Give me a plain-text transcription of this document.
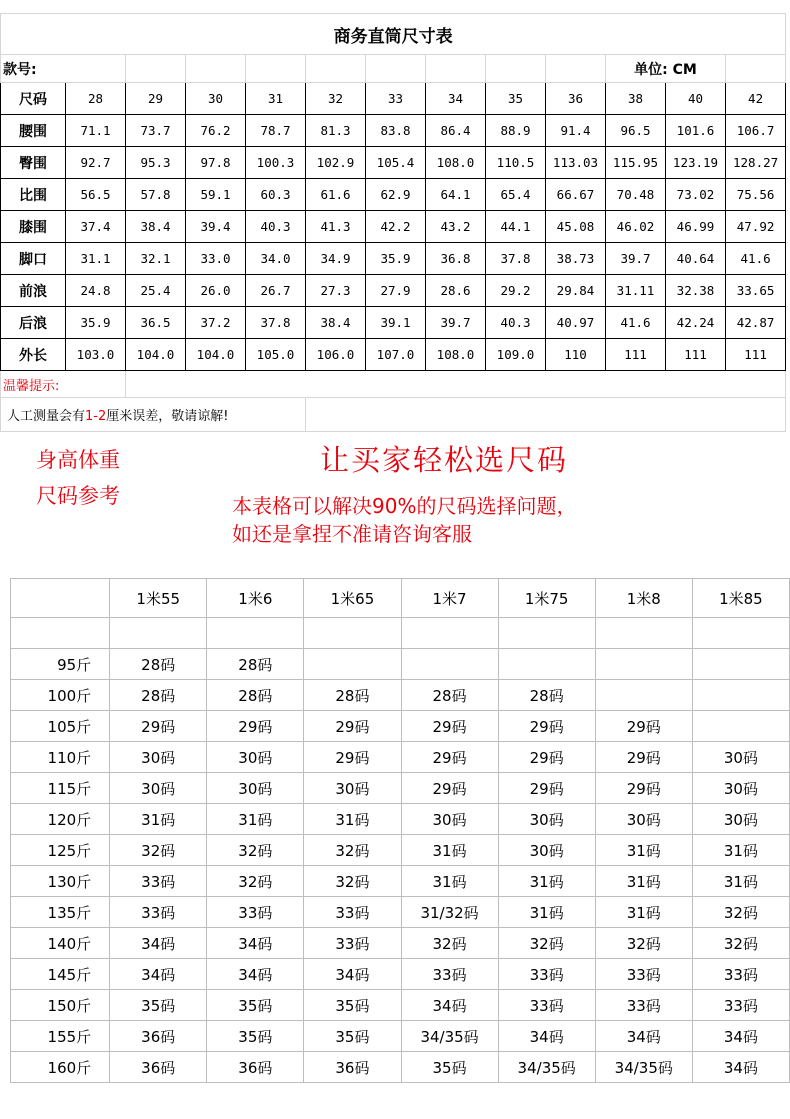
商务直筒尺寸表												
款号:										单位: CM		
尺码	28	29	30	31	32	33	34	35	36	38	40	42
腰围	71.1	73.7	76.2	78.7	81.3	83.8	86.4	88.9	91.4	96.5	101.6	106.7
臀围	92.7	95.3	97.8	100.3	102.9	105.4	108.0	110.5	113.03	115.95	123.19	128.27
比围	56.5	57.8	59.1	60.3	61.6	62.9	64.1	65.4	66.67	70.48	73.02	75.56
膝围	37.4	38.4	39.4	40.3	41.3	42.2	43.2	44.1	45.08	46.02	46.99	47.92
脚口	31.1	32.1	33.0	34.0	34.9	35.9	36.8	37.8	38.73	39.7	40.64	41.6
前浪	24.8	25.4	26.0	26.7	27.3	27.9	28.6	29.2	29.84	31.11	32.38	33.65
后浪	35.9	36.5	37.2	37.8	38.4	39.1	39.7	40.3	40.97	41.6	42.24	42.87
外长	103.0	104.0	104.0	105.0	106.0	107.0	108.0	109.0	110	111	111	111
温馨提示:												
人工测量会有1-2厘米误差，敬请谅解!												
身高体重
尺码参考
让买家轻松选尺码
本表格可以解决90%的尺码选择问题，
如还是拿捏不准请咨询客服
	1米55	1米6	1米65	1米7	1米75	1米8	1米85

95斤	28码	28码					
100斤	28码	28码	28码	28码	28码		
105斤	29码	29码	29码	29码	29码	29码	
110斤	30码	30码	29码	29码	29码	29码	30码
115斤	30码	30码	30码	29码	29码	29码	30码
120斤	31码	31码	31码	30码	30码	30码	30码
125斤	32码	32码	32码	31码	30码	31码	31码
130斤	33码	32码	32码	31码	31码	31码	31码
135斤	33码	33码	33码	31/32码	31码	31码	32码
140斤	34码	34码	33码	32码	32码	32码	32码
145斤	34码	34码	34码	33码	33码	33码	33码
150斤	35码	35码	35码	34码	33码	33码	33码
155斤	36码	35码	35码	34/35码	34码	34码	34码
160斤	36码	36码	36码	35码	34/35码	34/35码	34码
